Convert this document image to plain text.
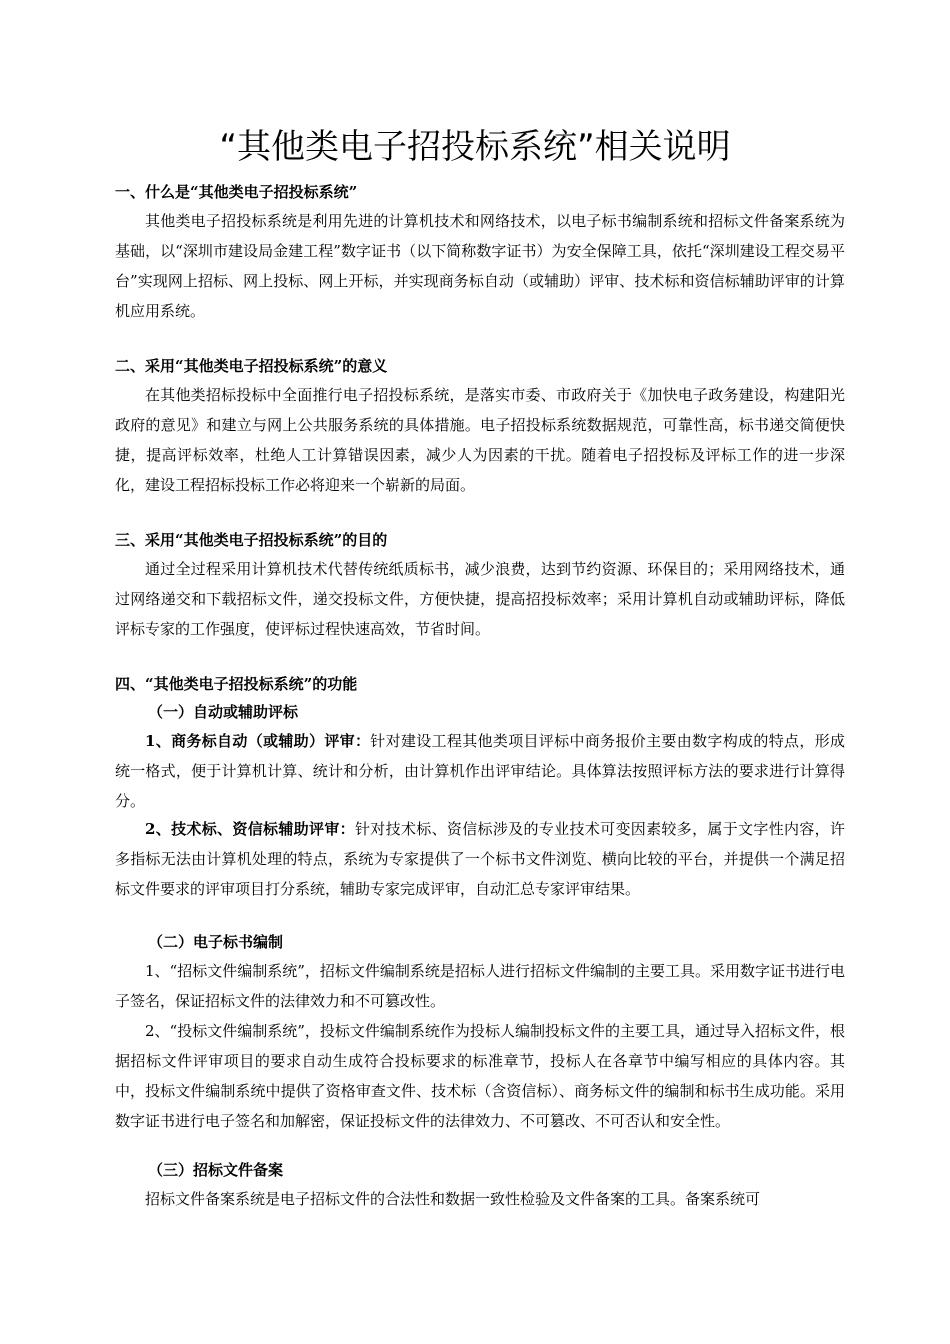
“其他类电子招投标系统”相关说明
一、什么是“其他类电子招投标系统”

其他类电子招投标系统是利用先进的计算机技术和网络技术，以电子标书编制系统和招标文件备案系统为基础，以“深圳市建设局金建工程”数字证书（以下简称数字证书）为安全保障工具，依托“深圳建设工程交易平台”实现网上招标、网上投标、网上开标，并实现商务标自动（或辅助）评审、技术标和资信标辅助评审的计算机应用系统。

二、采用“其他类电子招投标系统”的意义

在其他类招标投标中全面推行电子招投标系统，是落实市委、市政府关于《加快电子政务建设，构建阳光政府的意见》和建立与网上公共服务系统的具体措施。电子招投标系统数据规范，可靠性高，标书递交简便快捷，提高评标效率，杜绝人工计算错误因素，减少人为因素的干扰。随着电子招投标及评标工作的进一步深化，建设工程招标投标工作必将迎来一个崭新的局面。

三、采用“其他类电子招投标系统”的目的

通过全过程采用计算机技术代替传统纸质标书，减少浪费，达到节约资源、环保目的；采用网络技术，通过网络递交和下载招标文件，递交投标文件，方便快捷，提高招投标效率；采用计算机自动或辅助评标，降低评标专家的工作强度，使评标过程快速高效，节省时间。

四、“其他类电子招投标系统”的功能
（一）自动或辅助评标

1、商务标自动（或辅助）评审：针对建设工程其他类项目评标中商务报价主要由数字构成的特点，形成统一格式，便于计算机计算、统计和分析，由计算机作出评审结论。具体算法按照评标方法的要求进行计算得分。

2、技术标、资信标辅助评审：针对技术标、资信标涉及的专业技术可变因素较多，属于文字性内容，许多指标无法由计算机处理的特点，系统为专家提供了一个标书文件浏览、横向比较的平台，并提供一个满足招标文件要求的评审项目打分系统，辅助专家完成评审，自动汇总专家评审结果。

（二）电子标书编制

1、“招标文件编制系统”，招标文件编制系统是招标人进行招标文件编制的主要工具。采用数字证书进行电子签名，保证招标文件的法律效力和不可篡改性。

2、“投标文件编制系统”，投标文件编制系统作为投标人编制投标文件的主要工具，通过导入招标文件，根据招标文件评审项目的要求自动生成符合投标要求的标准章节，投标人在各章节中编写相应的具体内容。其中，投标文件编制系统中提供了资格审查文件、技术标（含资信标）、商务标文件的编制和标书生成功能。采用数字证书进行电子签名和加解密，保证投标文件的法律效力、不可篡改、不可否认和安全性。

（三）招标文件备案

招标文件备案系统是电子招标文件的合法性和数据一致性检验及文件备案的工具。备案系统可
